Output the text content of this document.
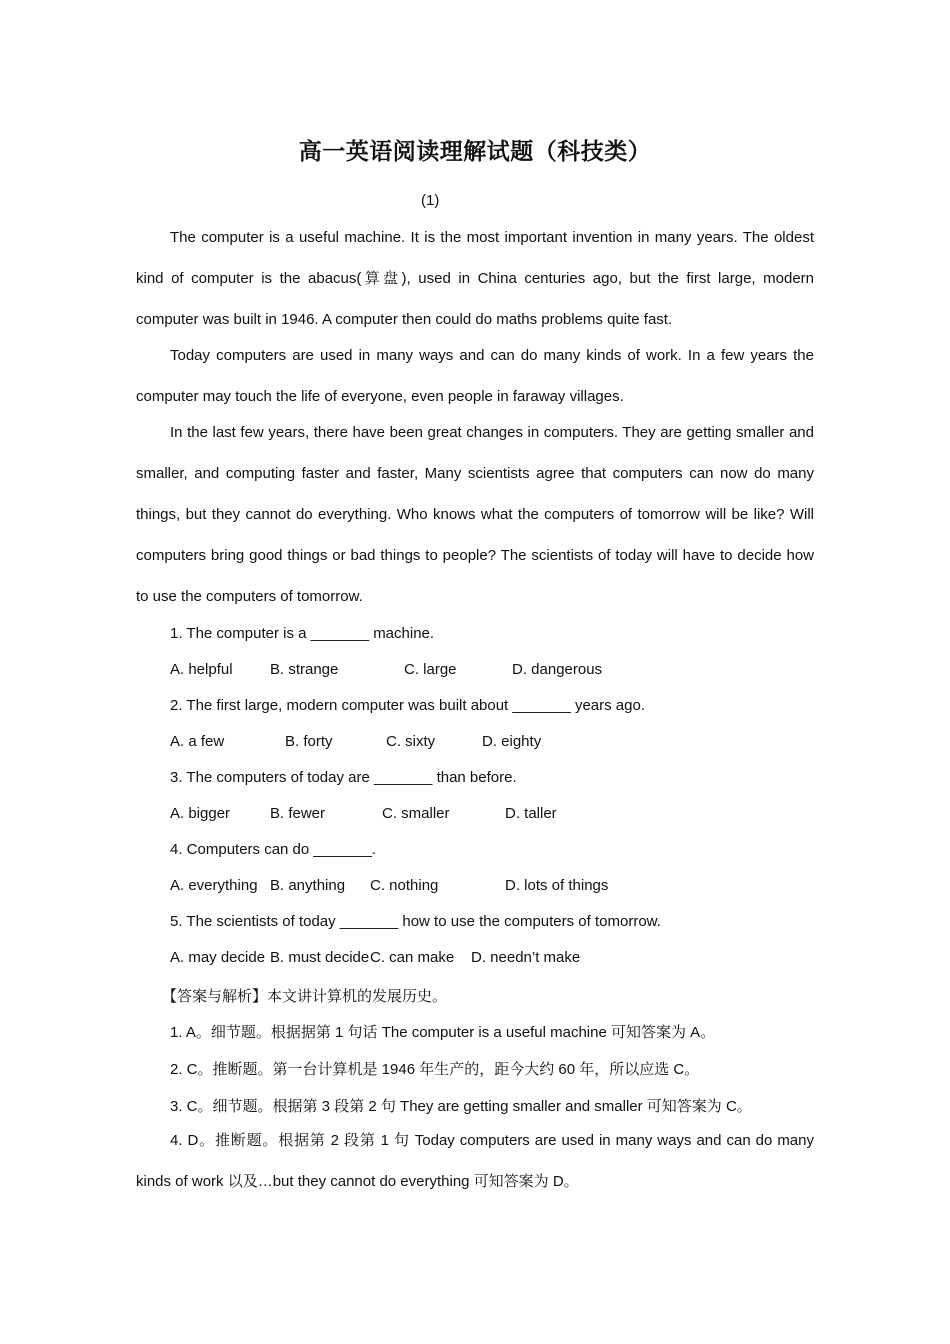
高一英语阅读理解试题（科技类）
(1)

The computer is a useful machine. It is the most important invention in many years. The oldest kind of computer is the abacus(算盘), used in China centuries ago, but the first large, modern computer was built in 1946. A computer then could do maths problems quite fast.

Today computers are used in many ways and can do many kinds of work. In a few years the computer may touch the life of everyone, even people in faraway villages.

In the last few years, there have been great changes in computers. They are getting smaller and smaller, and computing faster and faster, Many scientists agree that computers can now do many things, but they cannot do everything. Who knows what the computers of tomorrow will be like? Will computers bring good things or bad things to people? The scientists of today will have to decide how to use the computers of tomorrow.

1. The computer is a _______ machine.
A. helpful B. strange	C. large	D. dangerous
2. The first large, modern computer was built about _______ years ago.
A. a few	B. forty	C. sixty	D. eighty
3. The computers of today are _______ than before.
A. bigger	B. fewer	C. smaller	D. taller
4. Computers can do _______.
A. everything B. anything C. nothing	D. lots of things
5. The scientists of today _______ how to use the computers of tomorrow.
A. may decide B. must decide C. can make D. needn’t make
【答案与解析】本文讲计算机的发展历史。
1. A。细节题。根据据第 1 句话 The computer is a useful machine 可知答案为 A。
2. C。推断题。第一台计算机是 1946 年生产的，距今大约 60 年，所以应选 C。
3. C。细节题。根据第 3 段第 2 句 They are getting smaller and smaller 可知答案为 C。

4. D。推断题。根据第 2 段第 1 句 Today computers are used in many ways and can do many kinds of work 以及…but they cannot do everything 可知答案为 D。
